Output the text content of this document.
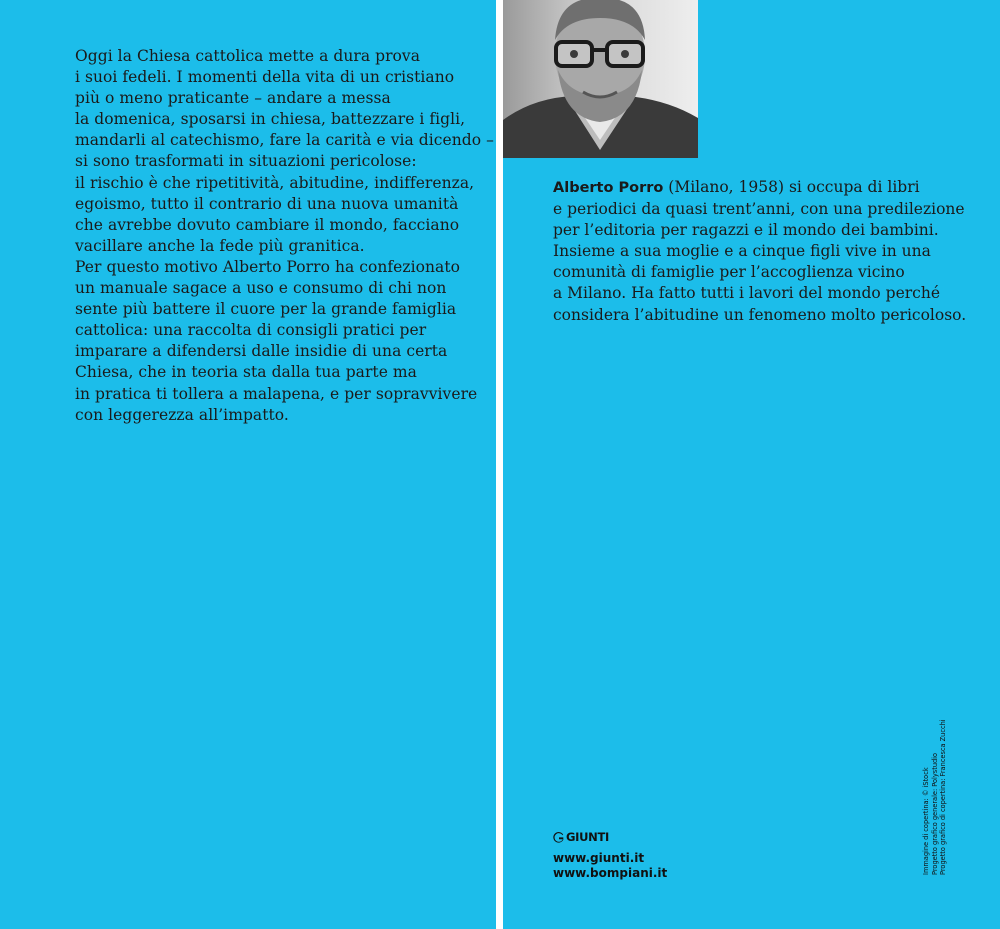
Oggi la Chiesa cattolica mette a dura prova
i suoi fedeli. I momenti della vita di un cristiano
più o meno praticante – andare a messa
la domenica, sposarsi in chiesa, battezzare i figli,
mandarli al catechismo, fare la carità e via dicendo –
si sono trasformati in situazioni pericolose:
il rischio è che ripetitività, abitudine, indifferenza,
egoismo, tutto il contrario di una nuova umanità
che avrebbe dovuto cambiare il mondo, facciano
vacillare anche la fede più granitica.
Per questo motivo Alberto Porro ha confezionato
un manuale sagace a uso e consumo di chi non
sente più battere il cuore per la grande famiglia
cattolica: una raccolta di consigli pratici per
imparare a difendersi dalle insidie di una certa
Chiesa, che in teoria sta dalla tua parte ma
in pratica ti tollera a malapena, e per sopravvivere
con leggerezza all’impatto.

Alberto Porro (Milano, 1958) si occupa di libri
e periodici da quasi trent’anni, con una predilezione
per l’editoria per ragazzi e il mondo dei bambini.
Insieme a sua moglie e a cinque figli vive in una
comunità di famiglie per l’accoglienza vicino
a Milano. Ha fatto tutti i lavori del mondo perché
considera l’abitudine un fenomeno molto pericoloso.

GIUNTI
www.giunti.it
www.bompiani.it	Immagine di copertina: © iStock Progetto grafico generale: Polystudio Progetto grafico di copertina: Francesca Zucchi
